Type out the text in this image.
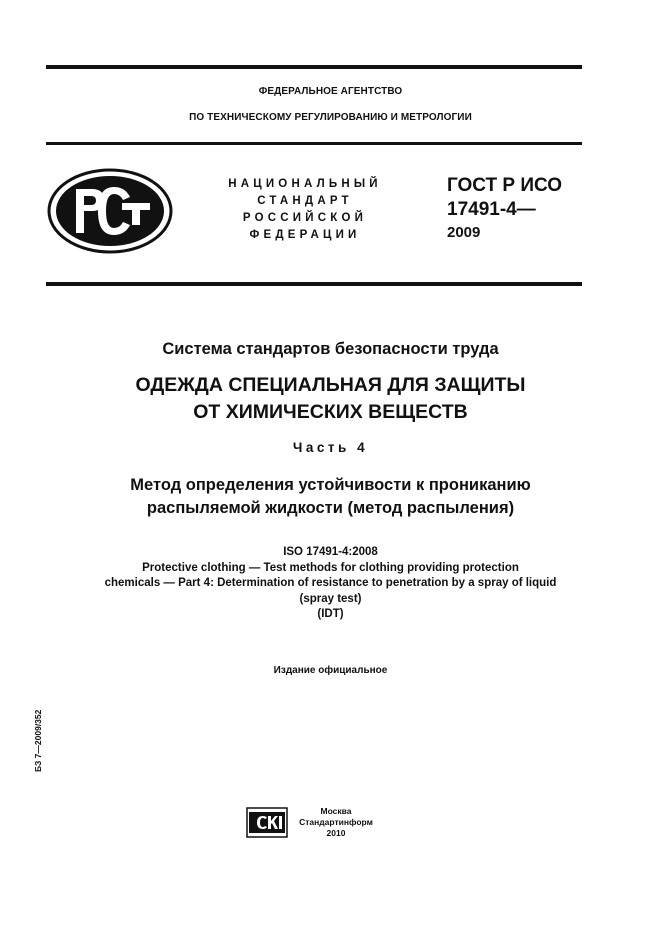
ФЕДЕРАЛЬНОЕ АГЕНТСТВО
ПО ТЕХНИЧЕСКОМУ РЕГУЛИРОВАНИЮ И МЕТРОЛОГИИ
НАЦИОНАЛЬНЫЙ
СТАНДАРТ
РОССИЙСКОЙ
ФЕДЕРАЦИИ
ГОСТ Р ИСО
17491-4—
2009
Система стандартов безопасности труда
ОДЕЖДА СПЕЦИАЛЬНАЯ ДЛЯ ЗАЩИТЫ
ОТ ХИМИЧЕСКИХ ВЕЩЕСТВ
Часть 4
Метод определения устойчивости к прониканию
распыляемой жидкости (метод распыления)
ISO 17491-4:2008
Protective clothing — Test methods for clothing providing protection
chemicals — Part 4: Determination of resistance to penetration by a spray of liquid
(spray test)
(IDT)
Издание официальное
БЗ 7—2009/352
Москва
Стандартинформ
2010
